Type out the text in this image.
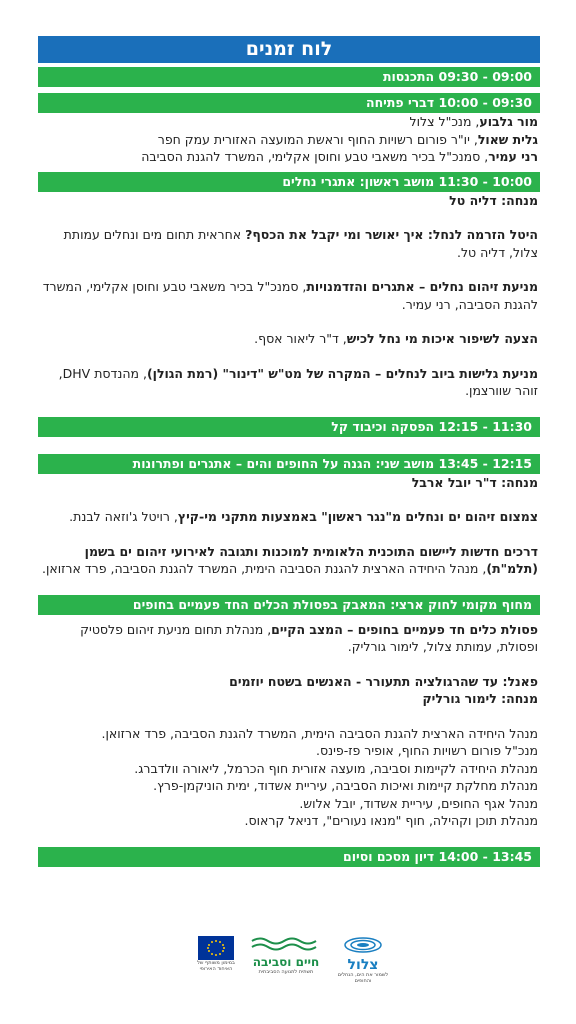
לוח זמנים
09:00 - 09:30 התכנסות
09:30 - 10:00 דברי פתיחה

מור גלבוע, מנכ"ל צלול

גלית שאול, יו"ר פורום רשויות החוף וראשת המועצה האזורית עמק חפר

רני עמיר, סמנכ"ל בכיר משאבי טבע וחוסן אקלימי, המשרד להגנת הסביבה

10:00 - 11:30 מושב ראשון: אתגרי נחלים

מנחה: דליה טל

היטל הזרמה לנחל: איך יאושר ומי יקבל את הכסף? אחראית תחום מים ונחלים עמותת צלול, דליה טל.

מניעת זיהום נחלים – אתגרים והזדמנויות, סמנכ"ל בכיר משאבי טבע וחוסן אקלימי, המשרד להגנת הסביבה, רני עמיר.

הצעה לשיפור איכות מי נחל לכיש, ד"ר ליאור אסף.

מניעת גלישות ביוב לנחלים – המקרה של מט"ש "דינור" (רמת הגולן), מהנדסת DHV, זוהר שוורצמן.

11:30 - 12:15 הפסקה וכיבוד קל
12:15 - 13:45 מושב שני: הגנה על החופים והים – אתגרים ופתרונות

מנחה: ד"ר יובל ארבל

צמצום זיהום ים ונחלים מ"נגר ראשון" באמצעות מתקני מי-קיץ, רויטל ג'וזאה לבנת.

דרכים חדשות ליישום התוכנית הלאומית למוכנות ותגובה לאירועי זיהום ים בשמן (תלמ"ת), מנהל היחידה הארצית להגנת הסביבה הימית, המשרד להגנת הסביבה, פרד ארזואן.

מחוף מקומי לחוק ארצי: המאבק בפסולת הכלים החד פעמיים בחופים

פסולת כלים חד פעמיים בחופים – המצב הקיים, מנהלת תחום מניעת זיהום פלסטיק ופסולת, עמותת צלול, לימור גורליק.

פאנל: עד שהרגולציה תתעורר - האנשים בשטח יוזמים

מנחה: לימור גורליק

מנהל היחידה הארצית להגנת הסביבה הימית, המשרד להגנת הסביבה, פרד ארזואן.

מנכ"ל פורום רשויות החוף, אופיר פז-פינס.

מנהלת היחידה לקיימות וסביבה, מועצה אזורית חוף הכרמל, ליאורה וולדברג.

מנהלת מחלקת קיימות ואיכות הסביבה, עיריית אשדוד, ימית הוניקמן-פרץ.

מנהל אגף החופים, עיריית אשדוד, יובל אלוש.

מנהלת תוכן וקהילה, חוף "מנאו נעורים", דניאל קראוס.

13:45 - 14:00 דיון מסכם וסיום
צלול
לשמור את הים, הנחלים והחופים
חיים וסביבה
תשתית לתנועה הסביבתית
במימון משותף של האיחוד האירופי
